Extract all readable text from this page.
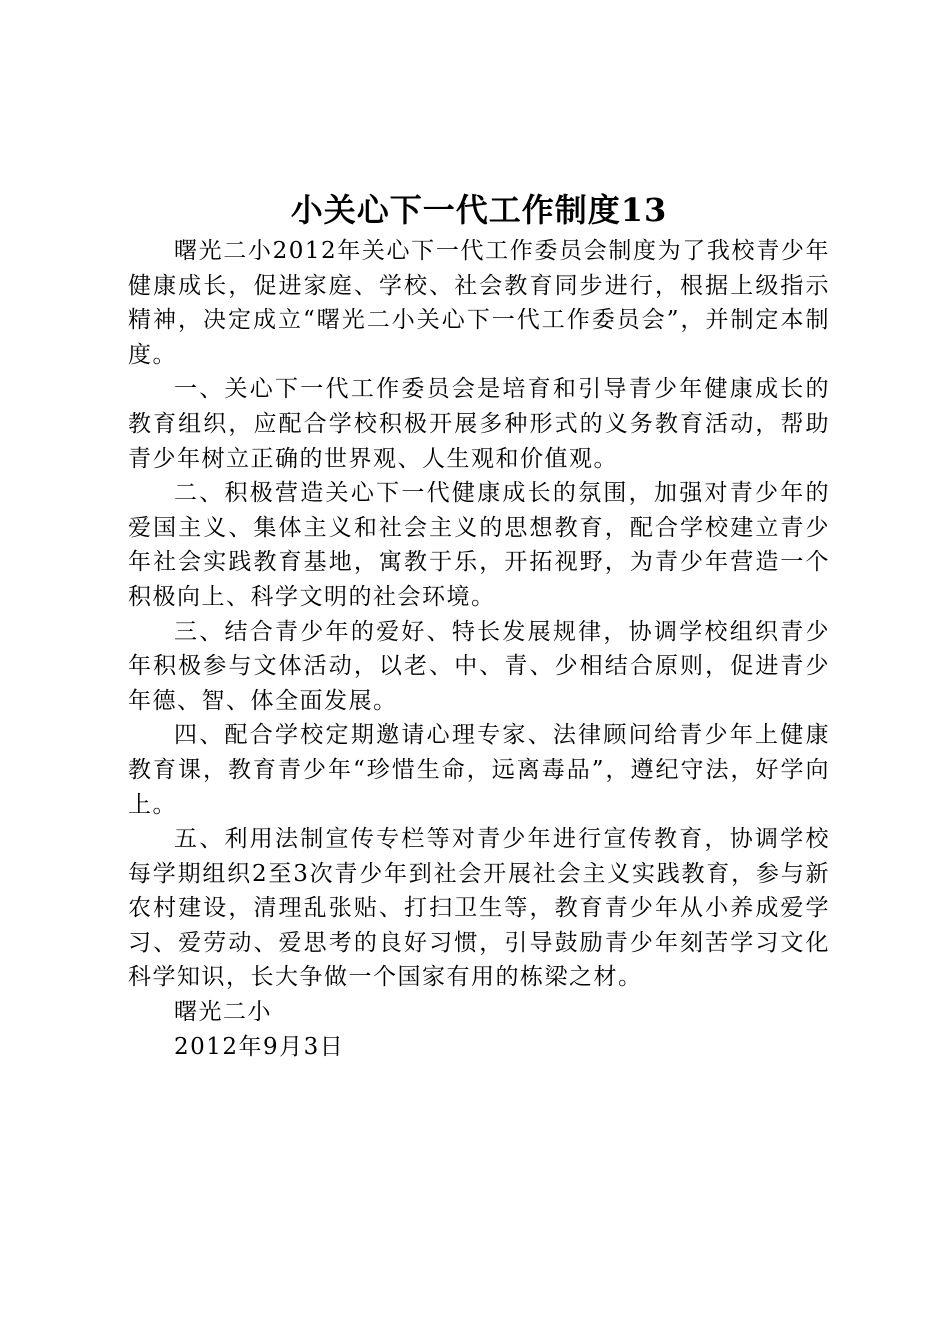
小关心下一代工作制度13

曙光二小2012年关心下一代工作委员会制度为了我校青少年健康成长，促进家庭、学校、社会教育同步进行，根据上级指示精神，决定成立“曙光二小关心下一代工作委员会”，并制定本制度。

一、关心下一代工作委员会是培育和引导青少年健康成长的教育组织，应配合学校积极开展多种形式的义务教育活动，帮助青少年树立正确的世界观、人生观和价值观。

二、积极营造关心下一代健康成长的氛围，加强对青少年的爱国主义、集体主义和社会主义的思想教育，配合学校建立青少年社会实践教育基地，寓教于乐，开拓视野，为青少年营造一个积极向上、科学文明的社会环境。

三、结合青少年的爱好、特长发展规律，协调学校组织青少年积极参与文体活动，以老、中、青、少相结合原则，促进青少年德、智、体全面发展。

四、配合学校定期邀请心理专家、法律顾问给青少年上健康教育课，教育青少年“珍惜生命，远离毒品”，遵纪守法，好学向上。

五、利用法制宣传专栏等对青少年进行宣传教育，协调学校每学期组织2至3次青少年到社会开展社会主义实践教育，参与新农村建设，清理乱张贴、打扫卫生等，教育青少年从小养成爱学习、爱劳动、爱思考的良好习惯，引导鼓励青少年刻苦学习文化科学知识，长大争做一个国家有用的栋梁之材。

曙光二小

2012年9月3日
